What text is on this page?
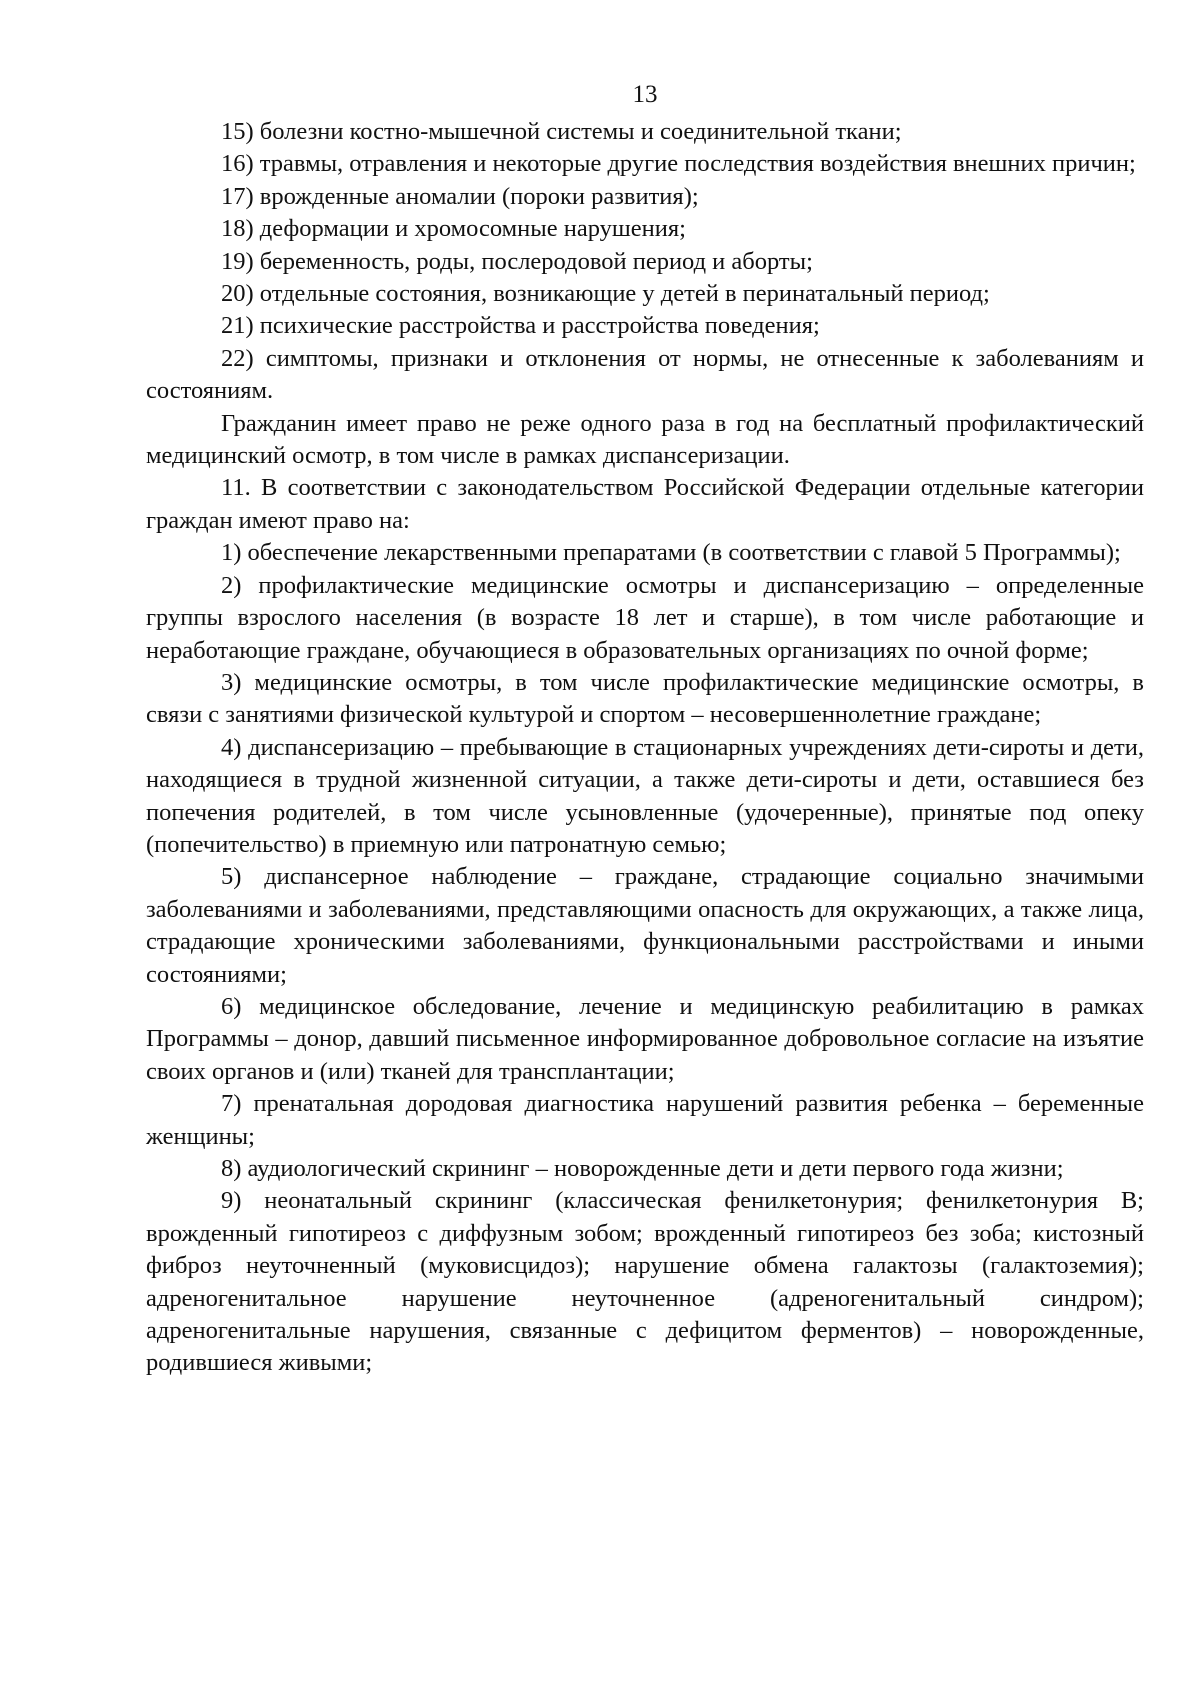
13

15) болезни костно-мышечной системы и соединительной ткани;

16) травмы, отравления и некоторые другие последствия воздействия внешних причин;

17) врожденные аномалии (пороки развития);

18) деформации и хромосомные нарушения;

19) беременность, роды, послеродовой период и аборты;

20) отдельные состояния, возникающие у детей в перинатальный период;

21) психические расстройства и расстройства поведения;

22) симптомы, признаки и отклонения от нормы, не отнесенные к заболеваниям и состояниям.

Гражданин имеет право не реже одного раза в год на бесплатный профилактический медицинский осмотр, в том числе в рамках диспансеризации.

11. В соответствии с законодательством Российской Федерации отдельные категории граждан имеют право на:

1) обеспечение лекарственными препаратами (в соответствии с главой 5 Программы);

2) профилактические медицинские осмотры и диспансеризацию – определенные группы взрослого населения (в возрасте 18 лет и старше), в том числе работающие и неработающие граждане, обучающиеся в образовательных организациях по очной форме;

3) медицинские осмотры, в том числе профилактические медицинские осмотры, в связи с занятиями физической культурой и спортом – несовершеннолетние граждане;

4) диспансеризацию – пребывающие в стационарных учреждениях дети-сироты и дети, находящиеся в трудной жизненной ситуации, а также дети-сироты и дети, оставшиеся без попечения родителей, в том числе усыновленные (удочеренные), принятые под опеку (попечительство) в приемную или патронатную семью;

5) диспансерное наблюдение – граждане, страдающие социально значимыми заболеваниями и заболеваниями, представляющими опасность для окружающих, а также лица, страдающие хроническими заболеваниями, функциональными расстройствами и иными состояниями;

6) медицинское обследование, лечение и медицинскую реабилитацию в рамках Программы – донор, давший письменное информированное добровольное согласие на изъятие своих органов и (или) тканей для трансплантации;

7) пренатальная дородовая диагностика нарушений развития ребенка – беременные женщины;

8) аудиологический скрининг – новорожденные дети и дети первого года жизни;

9) неонатальный скрининг (классическая фенилкетонурия; фенилкетонурия B; врожденный гипотиреоз с диффузным зобом; врожденный гипотиреоз без зоба; кистозный фиброз неуточненный (муковисцидоз); нарушение обмена галактозы (галактоземия); адреногенитальное нарушение неуточненное (адреногенитальный синдром); адреногенитальные нарушения, связанные с дефицитом ферментов) – новорожденные, родившиеся живыми;
